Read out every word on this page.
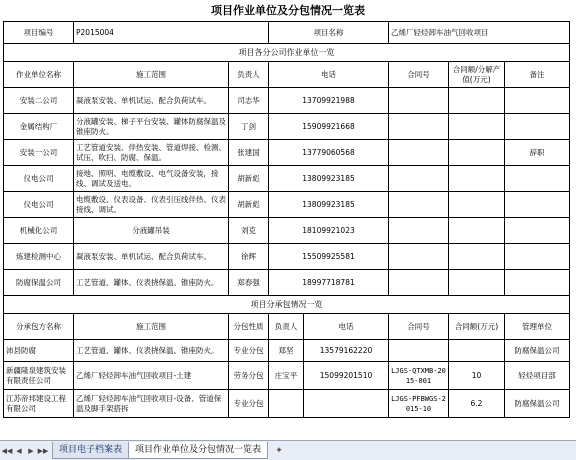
项目作业单位及分包情况一览表
项目编号	P2015004		项目名称		乙烯厂轻烃卸车油气回收项目		
项目各分公司作业单位一览							
作业单位名称	施工范围	负责人	电话		合同号	合同额/分解产值(万元)	备注
安装二公司	凝液泵安装、单机试运、配合负荷试车。	司志华	13709921988				
金属结构厂	分液罐安装、梯子平台安装、罐体防腐保温及锥座防火。	丁剑	15909921668				
安装一公司	工艺管道安装、伴热安装、管道焊接、检测、试压、吹扫、防腐、保温。	张建国	13779060568				辞职
仪电公司	接地、照明、电缆敷设、电气设备安装，接线、调试及送电。	胡新彪	13809923185				
仪电公司	电缆敷设、仪表设备、仪表引压线伴热、仪表接线、调试。	胡新彪	13809923185				
机械化公司	分液罐吊装	刘克	18109921023				
炼建检测中心	凝液泵安装、单机试运、配合负荷试车。	徐辉	15509925581				
防腐保温公司	工艺管道、罐体、仪表挠保温、锥座防火。	郑春强	18997718781				
项目分承包情况一览							
分承包方名称	施工范围	分包性质	负责人	电话	合同号	合同额(万元)	管理单位
沛县防腐	工艺管道、罐体、仪表挠保温、锥座防火。	专业分包	郑坚	13579162220			防腐保温公司
新疆隆泉建筑安装有限责任公司	乙烯厂轻烃卸车油气回收项目-土建	劳务分包	庄宝平	15099201510	LJGS-QTXMB-2015-001	10	轻烃项目部
江苏帝邦建设工程有限公司	乙烯厂轻烃卸车油气回收项目-设备、管道保温及脚手架搭拆	专业分包			LJGS-PFBWGS-2015-10	6.2	防腐保温公司
◀◀ ◀ ▶ ▶▶	项目电子档案表	项目作业单位及分包情况一览表	✦
